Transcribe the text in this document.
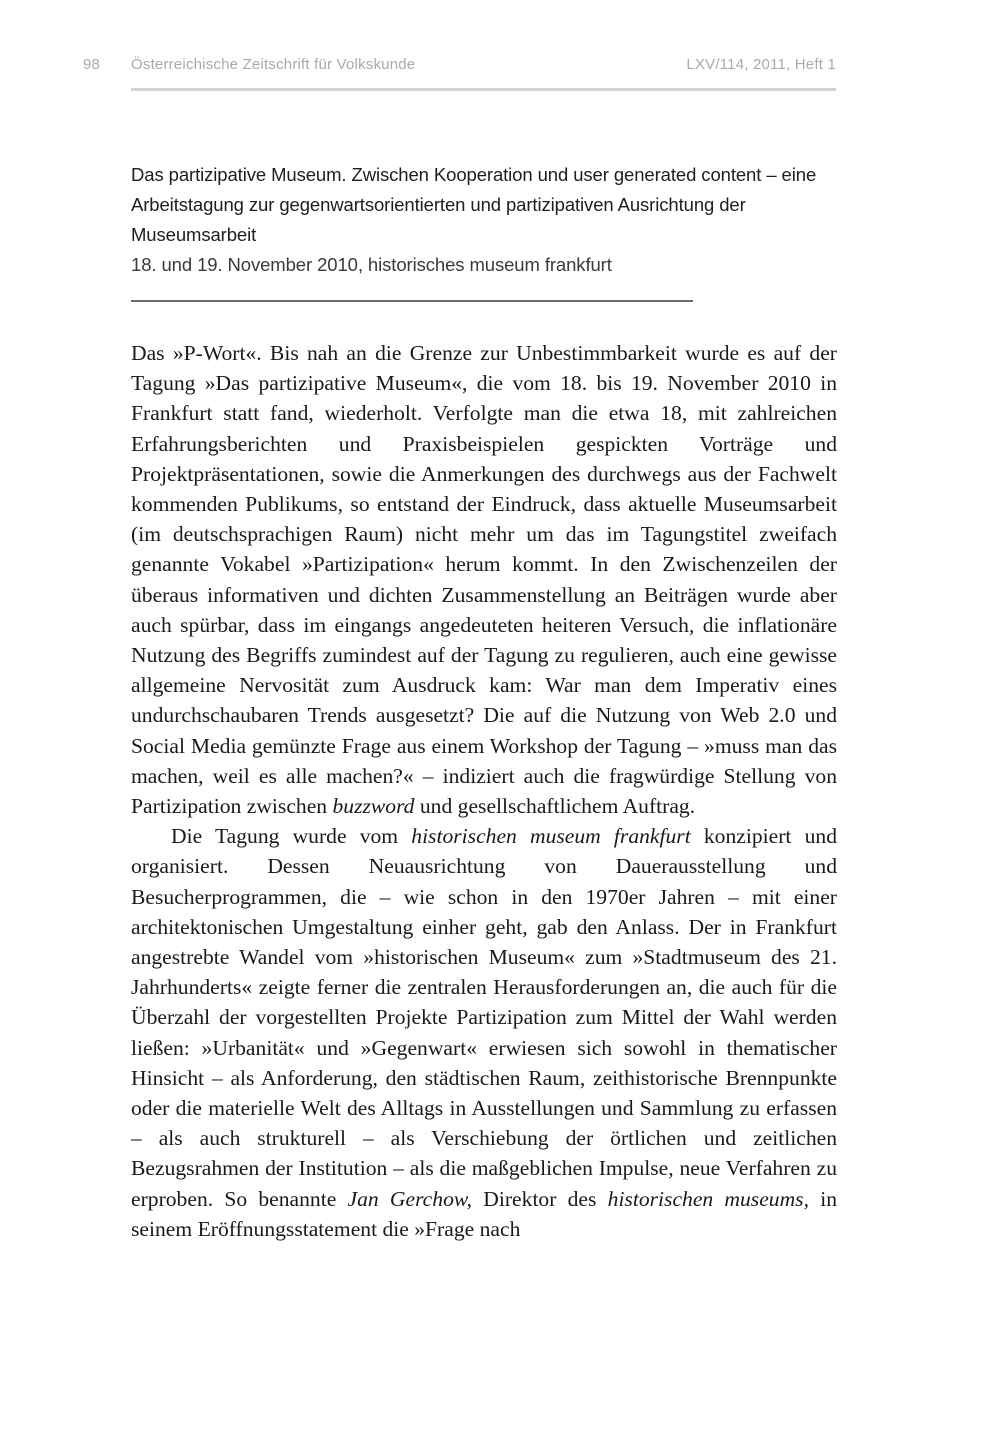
98 Österreichische Zeitschrift für Volkskunde	LXV/114, 2011, Heft 1
Das partizipative Museum. Zwischen Kooperation und user generated content – eine Arbeitstagung zur gegenwartsorientierten und partizipativen Ausrichtung der Museumsarbeit

18. und 19. November 2010, historisches museum frankfurt

Das »P-Wort«. Bis nah an die Grenze zur Unbestimmbarkeit wurde es auf der Tagung »Das partizipative Museum«, die vom 18. bis 19. November 2010 in Frankfurt statt fand, wiederholt. Verfolgte man die etwa 18, mit zahlreichen Erfahrungsberichten und Praxisbeispielen gespickten Vorträge und Projektpräsentationen, sowie die Anmerkungen des durchwegs aus der Fachwelt kommenden Publikums, so entstand der Eindruck, dass aktuelle Museumsarbeit (im deutschsprachigen Raum) nicht mehr um das im Tagungstitel zweifach genannte Vokabel »Partizipation« herum kommt. In den Zwischenzeilen der überaus informativen und dichten Zusammenstellung an Beiträgen wurde aber auch spürbar, dass im eingangs angedeuteten heiteren Versuch, die inflationäre Nutzung des Begriffs zumindest auf der Tagung zu regulieren, auch eine gewisse allgemeine Nervosität zum Ausdruck kam: War man dem Imperativ eines undurchschaubaren Trends ausgesetzt? Die auf die Nutzung von Web 2.0 und Social Media gemünzte Frage aus einem Workshop der Tagung – »muss man das machen, weil es alle machen?« – indiziert auch die fragwürdige Stellung von Partizipation zwischen buzzword und gesellschaftlichem Auftrag.

Die Tagung wurde vom historischen museum frankfurt konzipiert und organisiert. Dessen Neuausrichtung von Dauerausstellung und Besucherprogrammen, die – wie schon in den 1970er Jahren – mit einer architektonischen Umgestaltung einher geht, gab den Anlass. Der in Frankfurt angestrebte Wandel vom »historischen Museum« zum »Stadtmuseum des 21. Jahrhunderts« zeigte ferner die zentralen Herausforderungen an, die auch für die Überzahl der vorgestellten Projekte Partizipation zum Mittel der Wahl werden ließen: »Urbanität« und »Gegenwart« erwiesen sich sowohl in thematischer Hinsicht – als Anforderung, den städtischen Raum, zeithistorische Brennpunkte oder die materielle Welt des Alltags in Ausstellungen und Sammlung zu erfassen – als auch strukturell – als Verschiebung der örtlichen und zeitlichen Bezugsrahmen der Institution – als die maßgeblichen Impulse, neue Verfahren zu erproben. So benannte Jan Gerchow, Direktor des historischen museums, in seinem Eröffnungsstatement die »Frage nach
